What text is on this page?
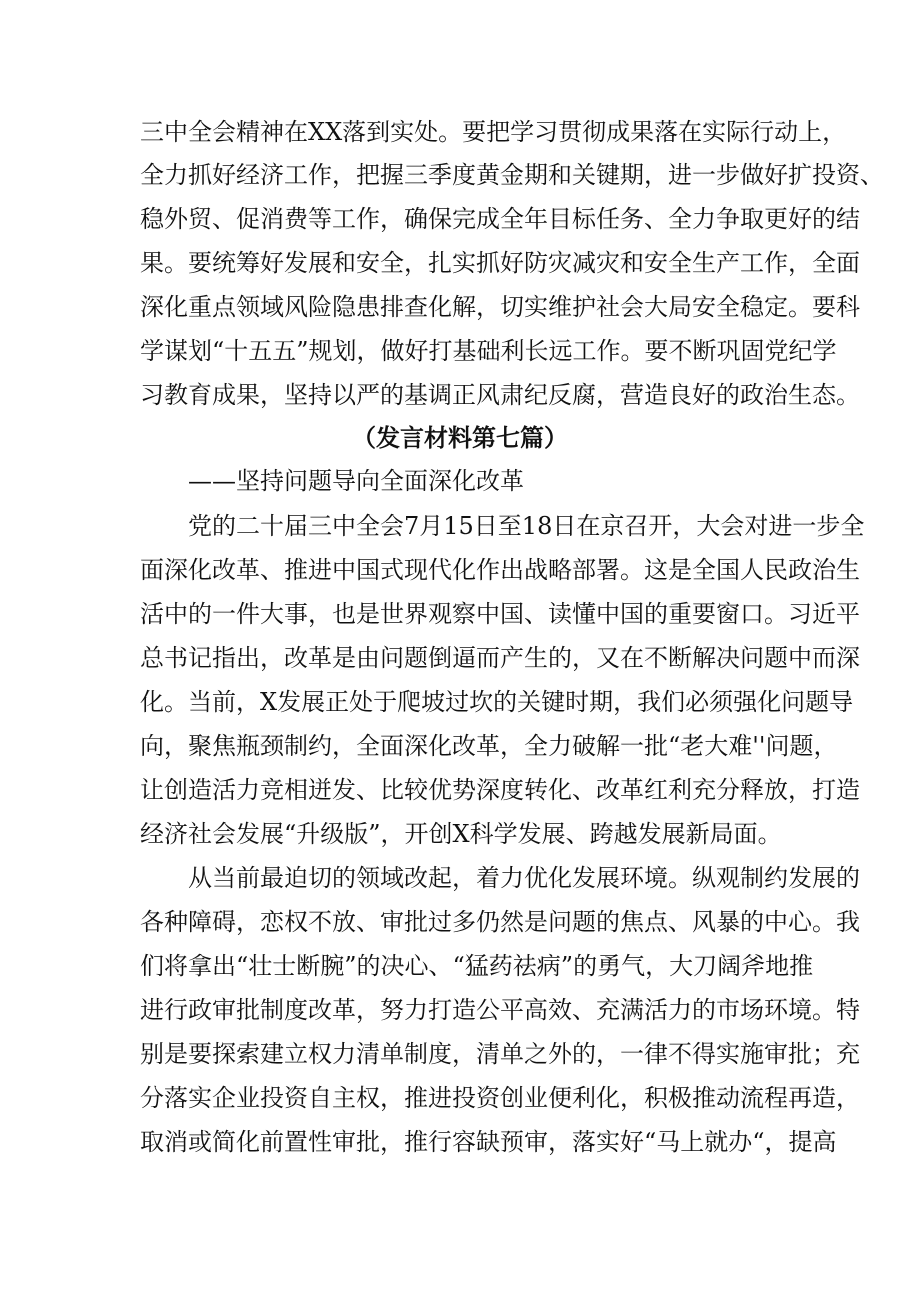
三中全会精神在XX落到实处。要把学习贯彻成果落在实际行动上，
全力抓好经济工作，把握三季度黄金期和关键期，进一步做好扩投资、
稳外贸、促消费等工作，确保完成全年目标任务、全力争取更好的结
果。要统筹好发展和安全，扎实抓好防灾减灾和安全生产工作，全面
深化重点领域风险隐患排查化解，切实维护社会大局安全稳定。要科
学谋划“十五五”规划，做好打基础利长远工作。要不断巩固党纪学
习教育成果，坚持以严的基调正风肃纪反腐，营造良好的政治生态。
（发言材料第七篇）
——坚持问题导向全面深化改革
党的二十届三中全会7月15日至18日在京召开，大会对进一步全
面深化改革、推进中国式现代化作出战略部署。这是全国人民政治生
活中的一件大事，也是世界观察中国、读懂中国的重要窗口。习近平
总书记指出，改革是由问题倒逼而产生的，又在不断解决问题中而深
化。当前，X发展正处于爬坡过坎的关键时期，我们必须强化问题导
向，聚焦瓶颈制约，全面深化改革，全力破解一批“老大难''问题，
让创造活力竞相迸发、比较优势深度转化、改革红利充分释放，打造
经济社会发展“升级版”，开创X科学发展、跨越发展新局面。
从当前最迫切的领域改起，着力优化发展环境。纵观制约发展的
各种障碍，恋权不放、审批过多仍然是问题的焦点、风暴的中心。我
们将拿出“壮士断腕”的决心、“猛药祛病”的勇气，大刀阔斧地推
进行政审批制度改革，努力打造公平高效、充满活力的市场环境。特
别是要探索建立权力清单制度，清单之外的，一律不得实施审批；充
分落实企业投资自主权，推进投资创业便利化，积极推动流程再造，
取消或简化前置性审批，推行容缺预审，落实好“马上就办“，提高
